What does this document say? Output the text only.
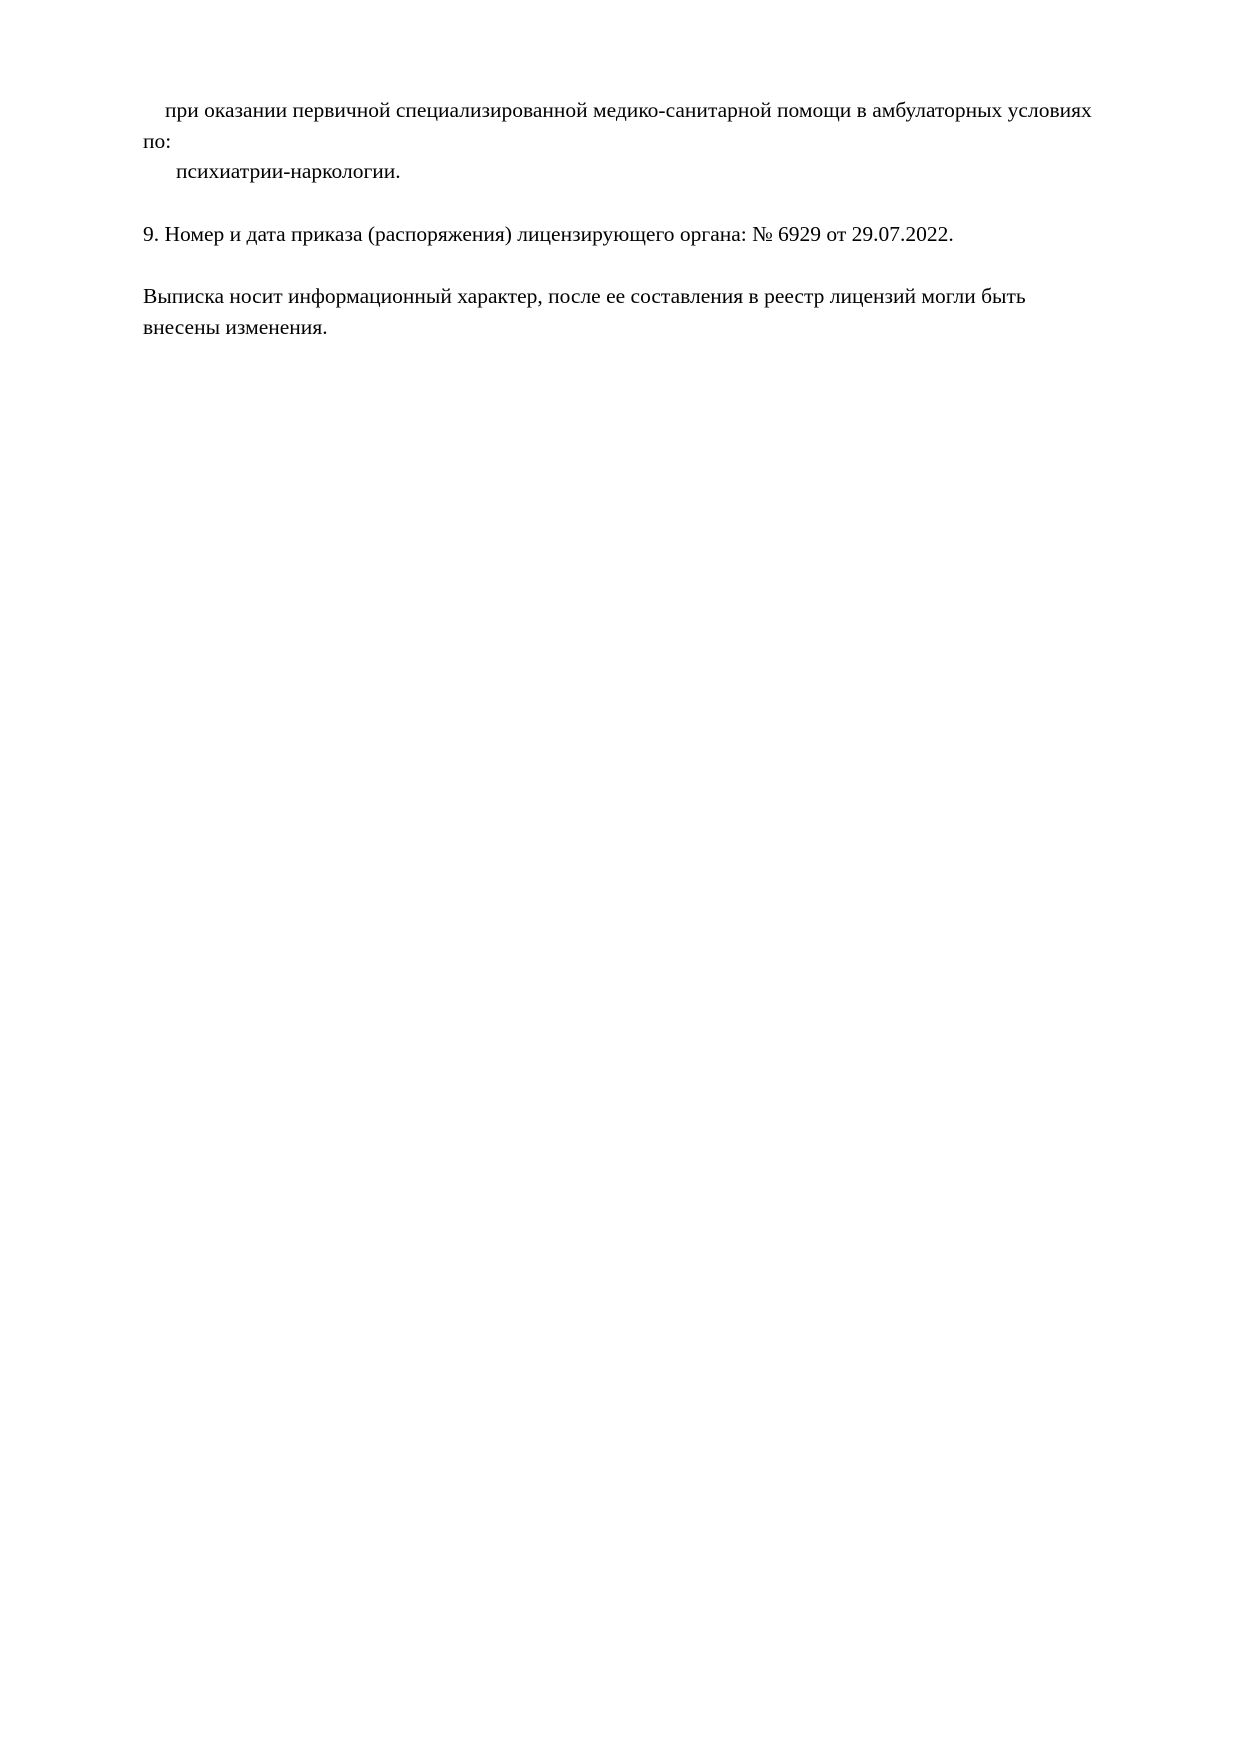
при оказании первичной специализированной медико-санитарной помощи в амбулаторных условиях по:

психиатрии-наркологии.

9. Номер и дата приказа (распоряжения) лицензирующего органа: № 6929 от 29.07.2022.

Выписка носит информационный характер, после ее составления в реестр лицензий могли быть внесены изменения.
